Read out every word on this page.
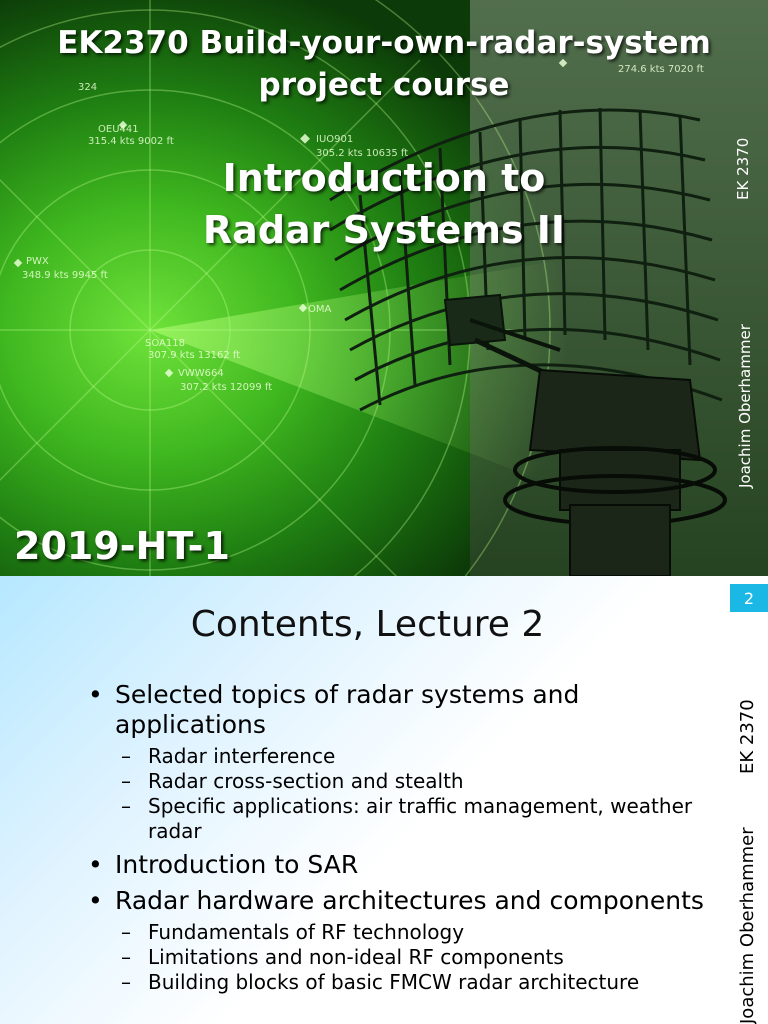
274.6 kts 7020 ft
IUO901
305.2 kts 10635 ft
OEU441
315.4 kts 9002 ft
PWX
348.9 kts 9945 ft
SOA118
307.9 kts 13162 ft
VWW664
307.2 kts 12099 ft
OMA
324
EK2370 Build-your-own-radar-system
project course
Introduction to
Radar Systems II
2019-HT-1
EK 2370
Joachim Oberhammer
2
Contents, Lecture 2
• Selected topics of radar systems and applications
– Radar interference
– Radar cross-section and stealth
– Specific applications: air traffic management, weather radar
• Introduction to SAR
• Radar hardware architectures and components
– Fundamentals of RF technology
– Limitations and non-ideal RF components
– Building blocks of basic FMCW radar architecture
EK 2370
Joachim Oberhammer
